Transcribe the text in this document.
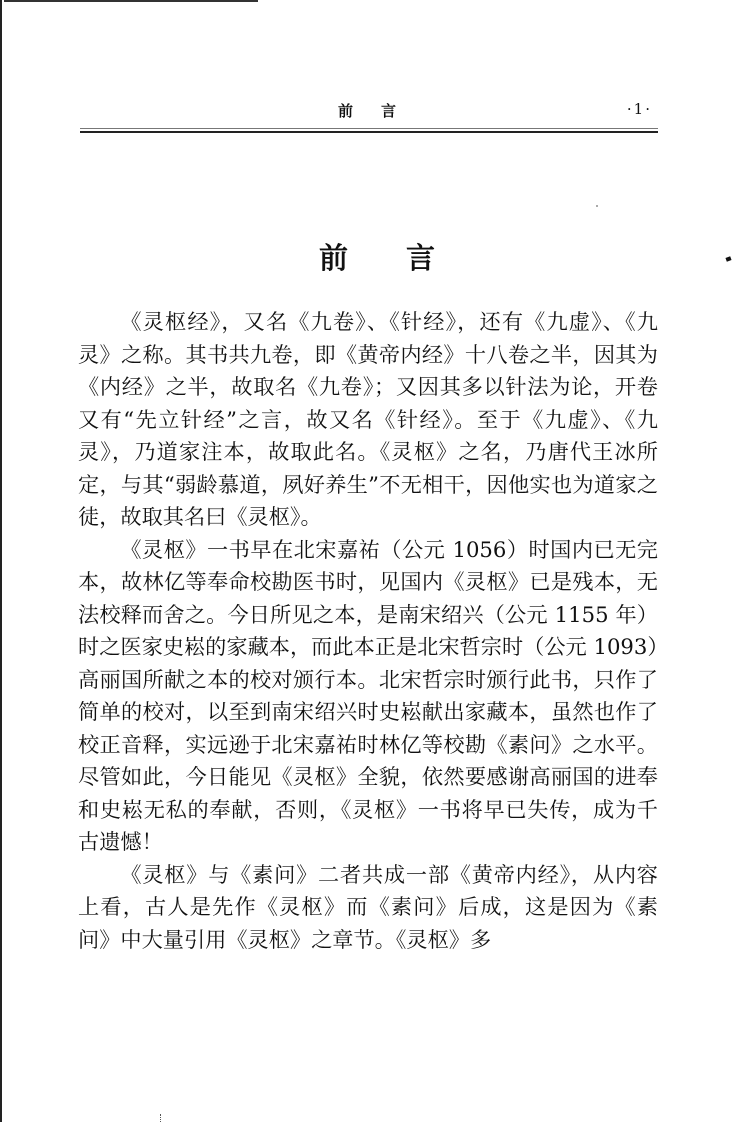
前言	·1·
前言

《灵枢经》，又名《九卷》、《针经》，还有《九虚》、《九灵》之称。其书共九卷，即《黄帝内经》十八卷之半，因其为《内经》之半，故取名《九卷》；又因其多以针法为论，开卷又有“先立针经”之言，故又名《针经》。至于《九虚》、《九灵》，乃道家注本，故取此名。《灵枢》之名，乃唐代王冰所定，与其“弱龄慕道，夙好养生”不无相干，因他实也为道家之徒，故取其名曰《灵枢》。

《灵枢》一书早在北宋嘉祐（公元 1056）时国内已无完本，故林亿等奉命校勘医书时，见国内《灵枢》已是残本，无法校释而舍之。今日所见之本，是南宋绍兴（公元 1155 年）时之医家史崧的家藏本，而此本正是北宋哲宗时（公元 1093）高丽国所献之本的校对颁行本。北宋哲宗时颁行此书，只作了简单的校对，以至到南宋绍兴时史崧献出家藏本，虽然也作了校正音释，实远逊于北宋嘉祐时林亿等校勘《素问》之水平。尽管如此，今日能见《灵枢》全貌，依然要感谢高丽国的进奉和史崧无私的奉献，否则，《灵枢》一书将早已失传，成为千古遗憾！

《灵枢》与《素问》二者共成一部《黄帝内经》，从内容上看，古人是先作《灵枢》而《素问》后成，这是因为《素问》中大量引用《灵枢》之章节。《灵枢》多
